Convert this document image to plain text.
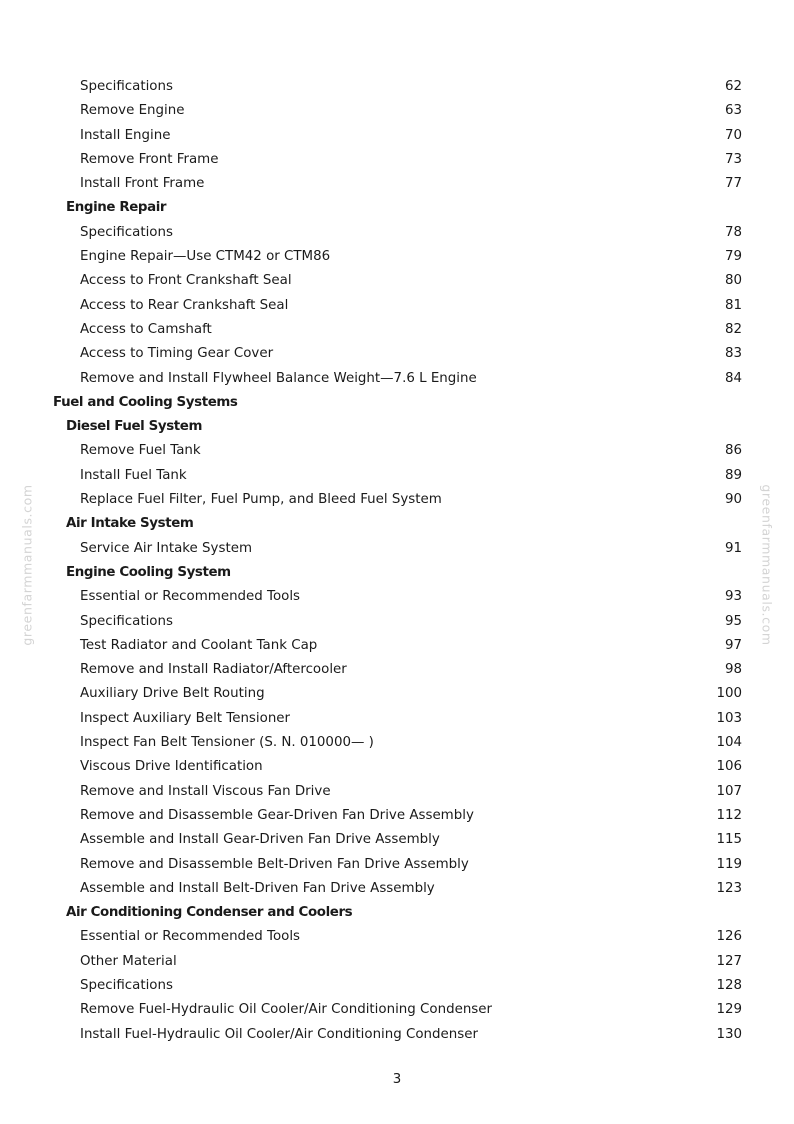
Specifications	62
Remove Engine	63
Install Engine	70
Remove Front Frame	73
Install Front Frame	77
Engine Repair
Specifications	78
Engine Repair—Use CTM42 or CTM86	79
Access to Front Crankshaft Seal	80
Access to Rear Crankshaft Seal	81
Access to Camshaft	82
Access to Timing Gear Cover	83
Remove and Install Flywheel Balance Weight—7.6 L Engine	84
Fuel and Cooling Systems
Diesel Fuel System
Remove Fuel Tank	86
Install Fuel Tank	89
Replace Fuel Filter, Fuel Pump, and Bleed Fuel System	90
Air Intake System
Service Air Intake System	91
Engine Cooling System
Essential or Recommended Tools	93
Specifications	95
Test Radiator and Coolant Tank Cap	97
Remove and Install Radiator/Aftercooler	98
Auxiliary Drive Belt Routing	100
Inspect Auxiliary Belt Tensioner	103
Inspect Fan Belt Tensioner (S. N. 010000— )	104
Viscous Drive Identification	106
Remove and Install Viscous Fan Drive	107
Remove and Disassemble Gear-Driven Fan Drive Assembly	112
Assemble and Install Gear-Driven Fan Drive Assembly	115
Remove and Disassemble Belt-Driven Fan Drive Assembly	119
Assemble and Install Belt-Driven Fan Drive Assembly	123
Air Conditioning Condenser and Coolers
Essential or Recommended Tools	126
Other Material	127
Specifications	128
Remove Fuel-Hydraulic Oil Cooler/Air Conditioning Condenser	129
Install Fuel-Hydraulic Oil Cooler/Air Conditioning Condenser	130
greenfarmmanuals.com	greenfarmmanuals.com
3
